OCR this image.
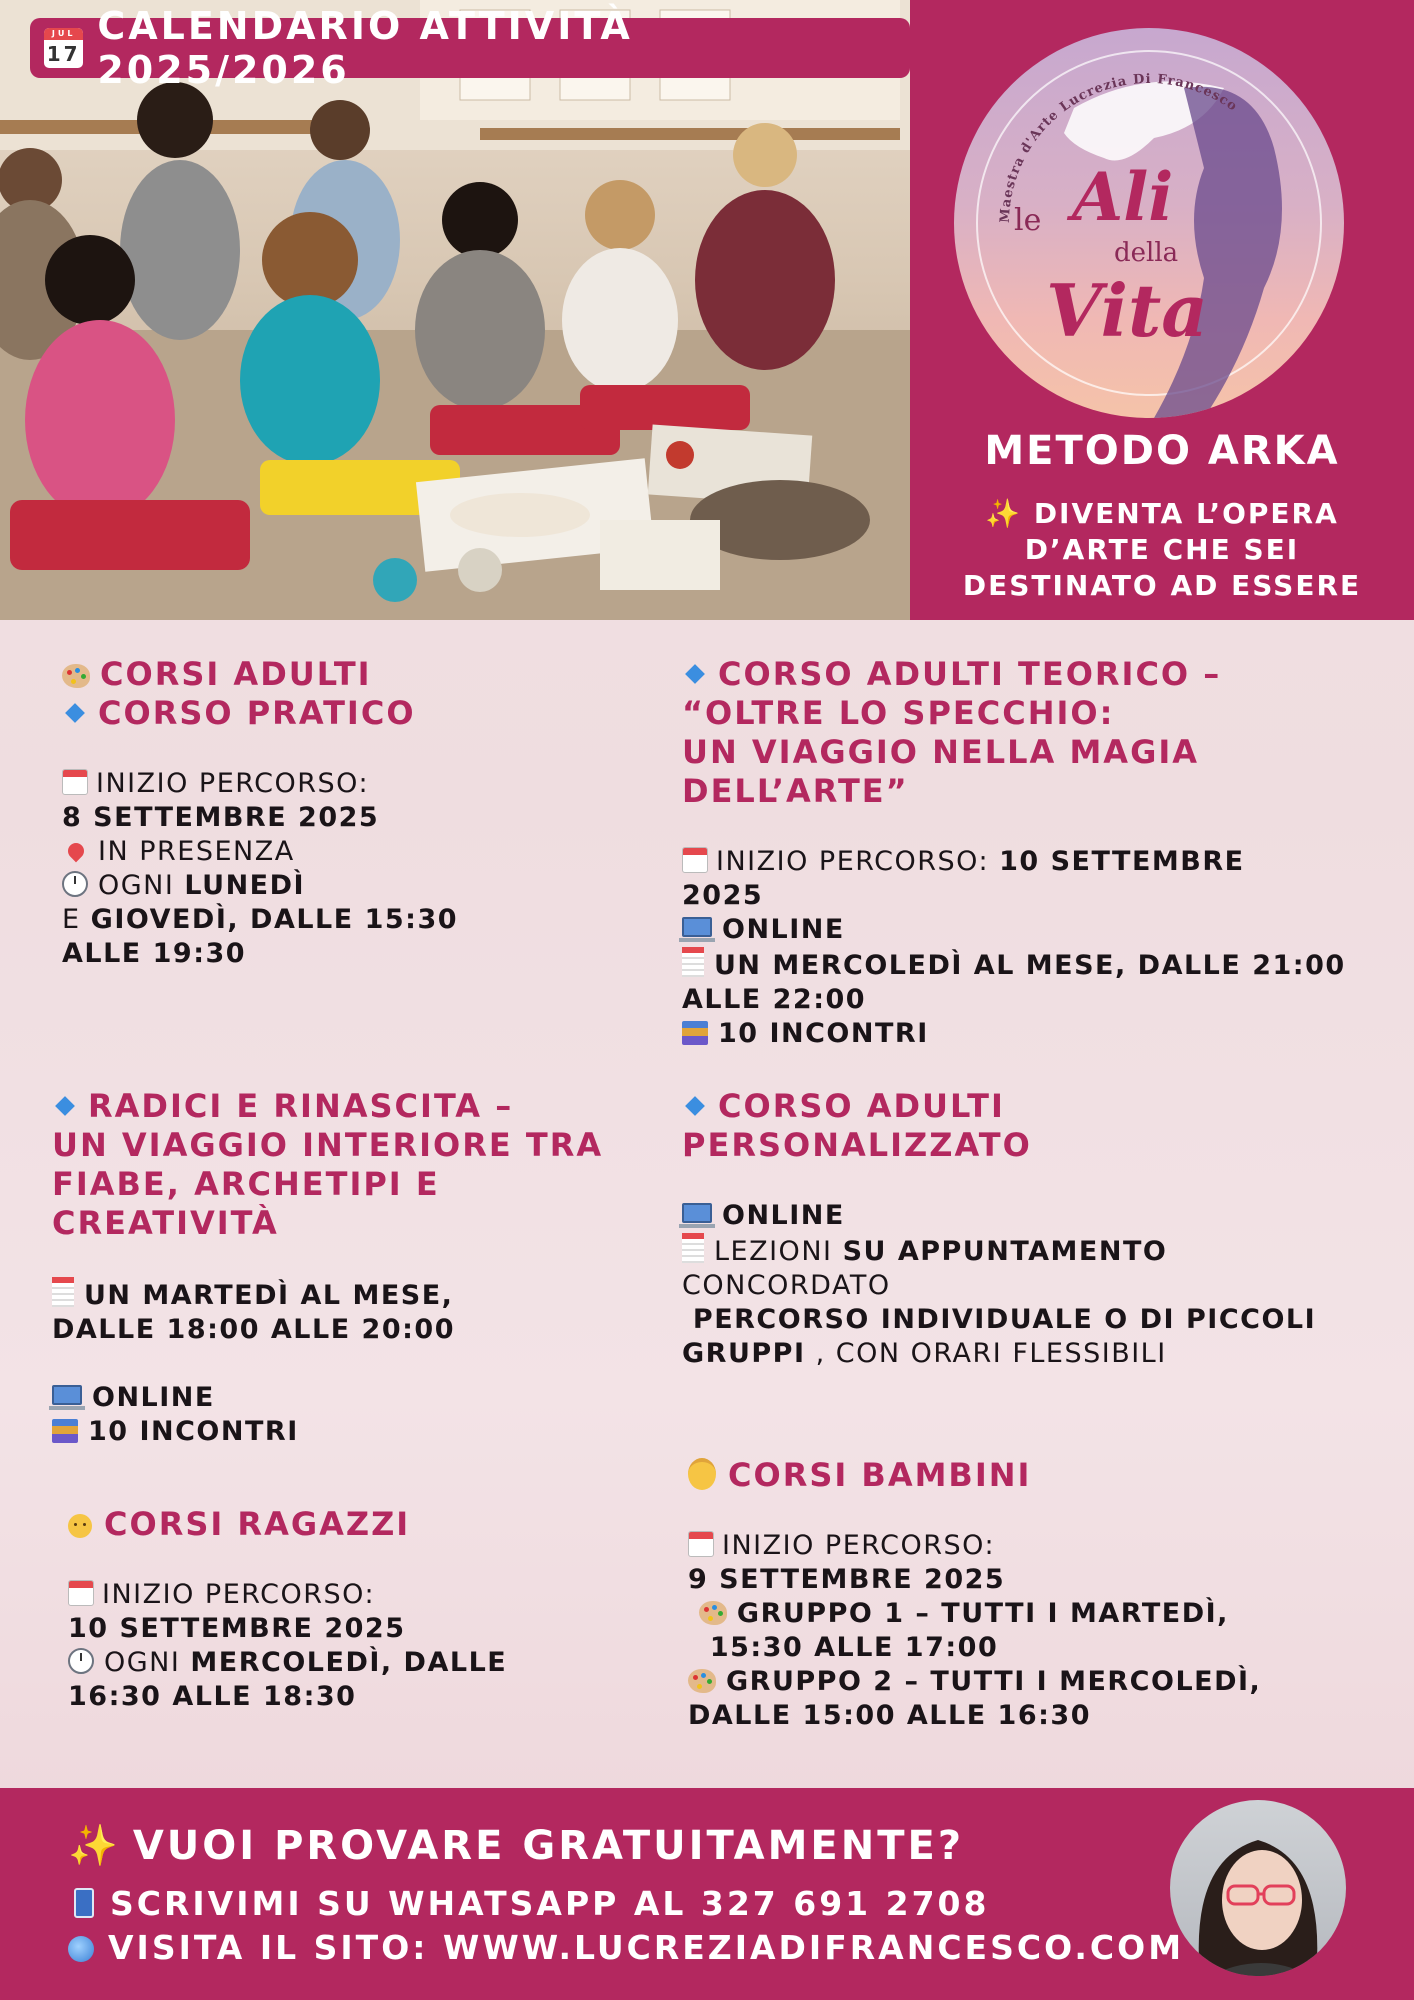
JUL
17
CALENDARIO ATTIVITÀ 2025/2026
Maestra d'Arte Lucrezia Di Francesco
le Ali
della
Vita
METODO ARKA
✨ DIVENTA L’OPERA
D’ARTE CHE SEI
DESTINATO AD ESSERE
CORSI ADULTI
CORSO PRATICO
INIZIO PERCORSO:
8 SETTEMBRE 2025
IN PRESENZA
OGNI LUNEDÌ
E GIOVEDÌ, DALLE 15:30
ALLE 19:30
CORSO ADULTI TEORICO –
“OLTRE LO SPECCHIO:
UN VIAGGIO NELLA MAGIA
DELL’ARTE”
INIZIO PERCORSO: 10 SETTEMBRE
2025
ONLINE
UN MERCOLEDÌ AL MESE, DALLE 21:00
ALLE 22:00
10 INCONTRI
RADICI E RINASCITA –
UN VIAGGIO INTERIORE TRA
FIABE, ARCHETIPI E
CREATIVITÀ
UN MARTEDÌ AL MESE,
DALLE 18:00 ALLE 20:00
ONLINE
10 INCONTRI
CORSO ADULTI
PERSONALIZZATO
ONLINE
LEZIONI SU APPUNTAMENTO
CONCORDATO
PERCORSO INDIVIDUALE O DI PICCOLI
GRUPPI , CON ORARI FLESSIBILI
CORSI RAGAZZI
INIZIO PERCORSO:
10 SETTEMBRE 2025
OGNI MERCOLEDÌ, DALLE
16:30 ALLE 18:30
CORSI BAMBINI
INIZIO PERCORSO:
9 SETTEMBRE 2025
GRUPPO 1 – TUTTI I MARTEDÌ,
15:30 ALLE 17:00
GRUPPO 2 – TUTTI I MERCOLEDÌ,
DALLE 15:00 ALLE 16:30
✨ VUOI PROVARE GRATUITAMENTE?
SCRIVIMI SU WHATSAPP AL 327 691 2708
VISITA IL SITO: WWW.LUCREZIADIFRANCESCO.COM
